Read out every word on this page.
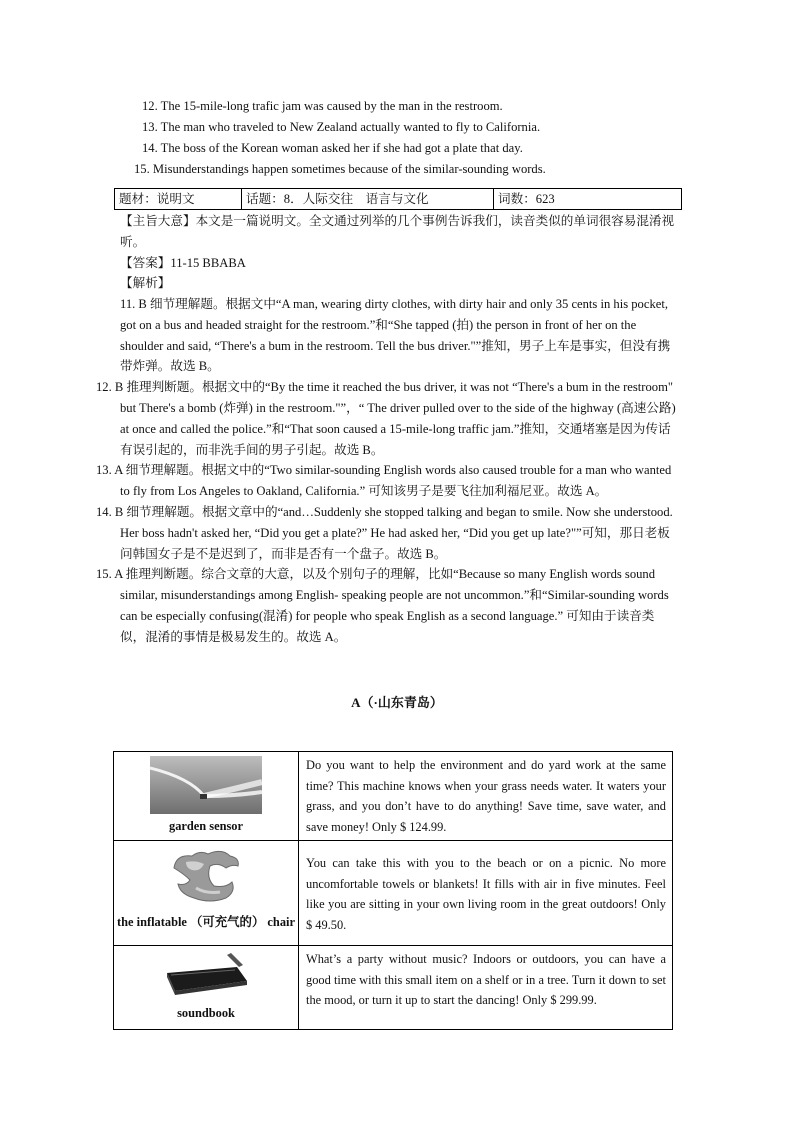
12. The 15-mile-long trafic jam was caused by the man in the restroom.
13. The man who traveled to New Zealand actually wanted to fly to California.
14. The boss of the Korean woman asked her if she had got a plate that day.
15. Misunderstandings happen sometimes because of the similar-sounding words.
题材：说明文	话题：8．人际交往　语言与文化	词数：623

【主旨大意】本文是一篇说明文。全文通过列举的几个事例告诉我们，读音类似的单词很容易混淆视听。

【答案】11-15 BBABA

【解析】

11. B 细节理解题。根据文中“A man, wearing dirty clothes, with dirty hair and only 35 cents in his pocket, got on a bus and headed straight for the restroom.”和“She tapped (拍) the person in front of her on the shoulder and said, “There's a bum in the restroom. Tell the bus driver."”推知，男子上车是事实，但没有携带炸弹。故选 B。

12. B 推理判断题。根据文中的“By the time it reached the bus driver, it was not “There's a bum in the restroom" but There's a bomb (炸弹) in the restroom."”，“ The driver pulled over to the side of the highway (高速公路) at once and called the police.”和“That soon caused a 15-mile-long traffic jam.”推知，交通堵塞是因为传话有误引起的，而非洗手间的男子引起。故选 B。

13. A 细节理解题。根据文中的“Two similar-sounding English words also caused trouble for a man who wanted to fly from Los Angeles to Oakland, California.” 可知该男子是要飞往加利福尼亚。故选 A。

14. B 细节理解题。根据文章中的“and…Suddenly she stopped talking and began to smile. Now she understood. Her boss hadn't asked her, “Did you get a plate?” He had asked her, “Did you get up late?"”可知，那日老板问韩国女子是不是迟到了，而非是否有一个盘子。故选 B。

15. A 推理判断题。综合文章的大意，以及个别句子的理解，比如“Because so many English words sound similar, misunderstandings among English- speaking people are not uncommon.”和“Similar-sounding words can be especially confusing(混淆) for people who speak English as a second language.” 可知由于读音类似，混淆的事情是极易发生的。故选 A。

A（·山东青岛）
garden sensor	Do you want to help the environment and do yard work at the same time? This machine knows when your grass needs water. It waters your grass, and you don’t have to do anything! Save time, save water, and save money! Only $ 124.99.

the inflatable （可充气的） chair	You can take this with you to the beach or on a picnic. No more uncomfortable towels or blankets! It fills with air in five minutes. Feel like you are sitting in your own living room in the great outdoors! Only $ 49.50.

soundbook	What’s a party without music? Indoors or outdoors, you can have a good time with this small item on a shelf or in a tree. Turn it down to set the mood, or turn it up to start the dancing! Only $ 299.99.
